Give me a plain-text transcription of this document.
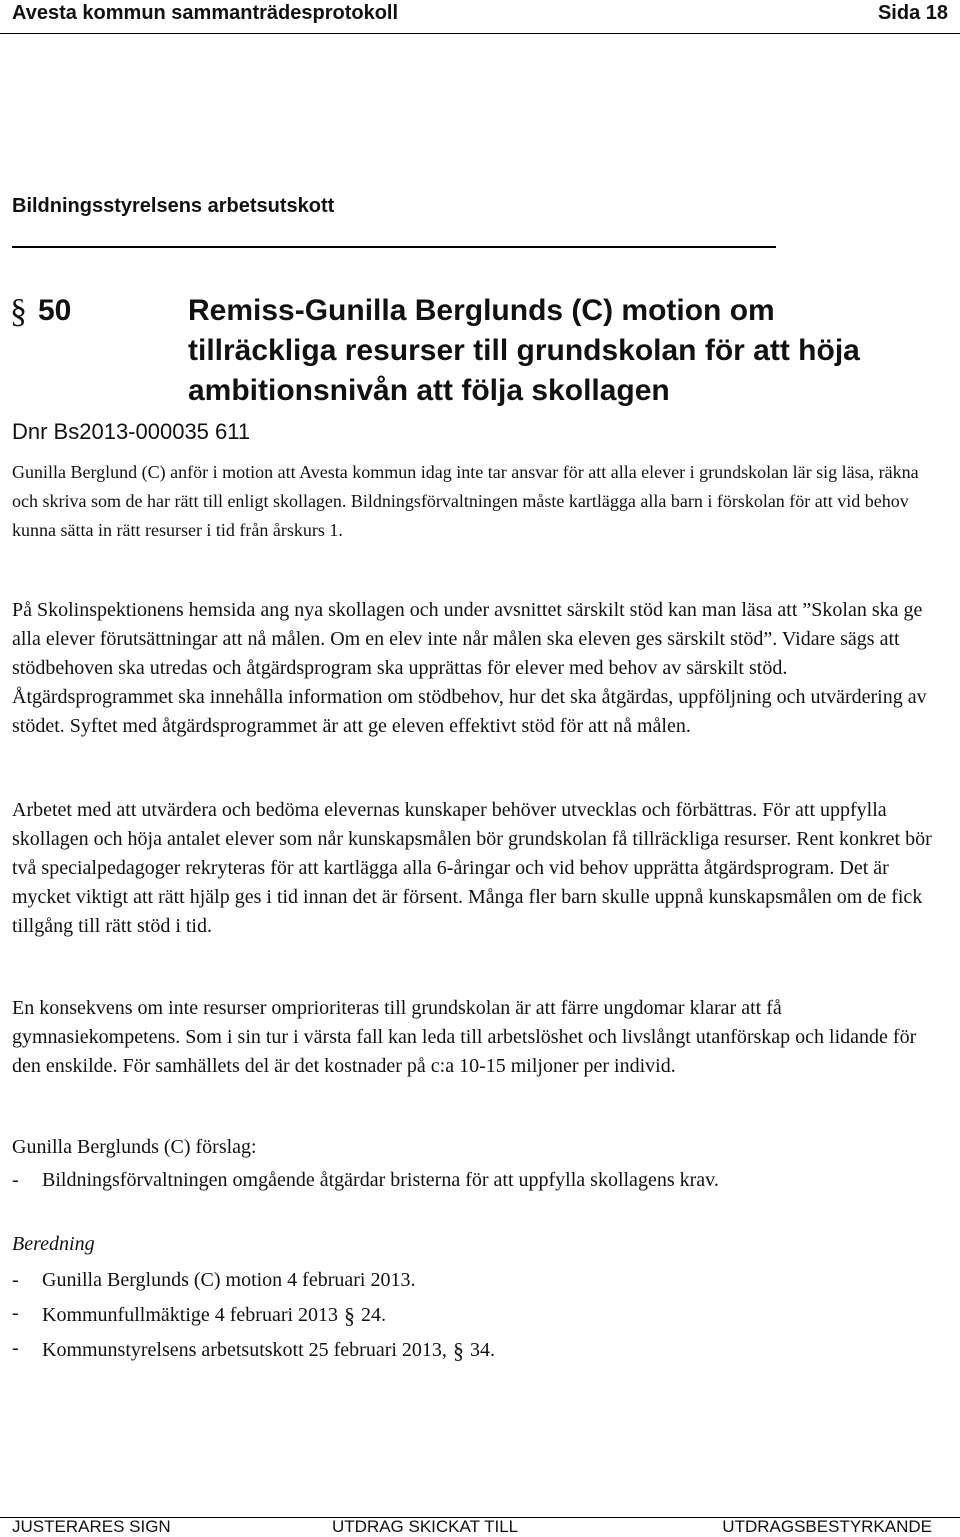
Avesta kommun sammanträdesprotokoll	Sida 18
Bildningsstyrelsens arbetsutskott
§ 50	Remiss-Gunilla Berglunds (C) motion om tillräckliga resurser till grundskolan för att höja ambitionsnivån att följa skollagen
Dnr Bs2013-000035 611

Gunilla Berglund (C) anför i motion att Avesta kommun idag inte tar ansvar för att alla elever i grundskolan lär sig läsa, räkna och skriva som de har rätt till enligt skollagen. Bildningsförvaltningen måste kartlägga alla barn i förskolan för att vid behov kunna sätta in rätt resurser i tid från årskurs 1.

På Skolinspektionens hemsida ang nya skollagen och under avsnittet särskilt stöd kan man läsa att ”Skolan ska ge alla elever förutsättningar att nå målen. Om en elev inte når målen ska eleven ges särskilt stöd”. Vidare sägs att stödbehoven ska utredas och åtgärdsprogram ska upprättas för elever med behov av särskilt stöd. Åtgärdsprogrammet ska innehålla information om stödbehov, hur det ska åtgärdas, uppföljning och utvärdering av stödet. Syftet med åtgärdsprogrammet är att ge eleven effektivt stöd för att nå målen.

Arbetet med att utvärdera och bedöma elevernas kunskaper behöver utvecklas och förbättras. För att uppfylla skollagen och höja antalet elever som når kunskapsmålen bör grundskolan få tillräckliga resurser. Rent konkret bör två specialpedagoger rekryteras för att kartlägga alla 6-åringar och vid behov upprätta åtgärdsprogram. Det är mycket viktigt att rätt hjälp ges i tid innan det är försent. Många fler barn skulle uppnå kunskapsmålen om de fick tillgång till rätt stöd i tid.

En konsekvens om inte resurser omprioriteras till grundskolan är att färre ungdomar klarar att få gymnasiekompetens. Som i sin tur i värsta fall kan leda till arbetslöshet och livslångt utanförskap och lidande för den enskilde. För samhällets del är det kostnader på c:a 10-15 miljoner per individ.

Gunilla Berglunds (C) förslag:
-	Bildningsförvaltningen omgående åtgärdar bristerna för att uppfylla skollagens krav.
Beredning
-	Gunilla Berglunds (C) motion 4 februari 2013.
-	Kommunfullmäktige 4 februari 2013 § 24.
-	Kommunstyrelsens arbetsutskott 25 februari 2013, § 34.
JUSTERARES SIGN	UTDRAG SKICKAT TILL	UTDRAGSBESTYRKANDE
